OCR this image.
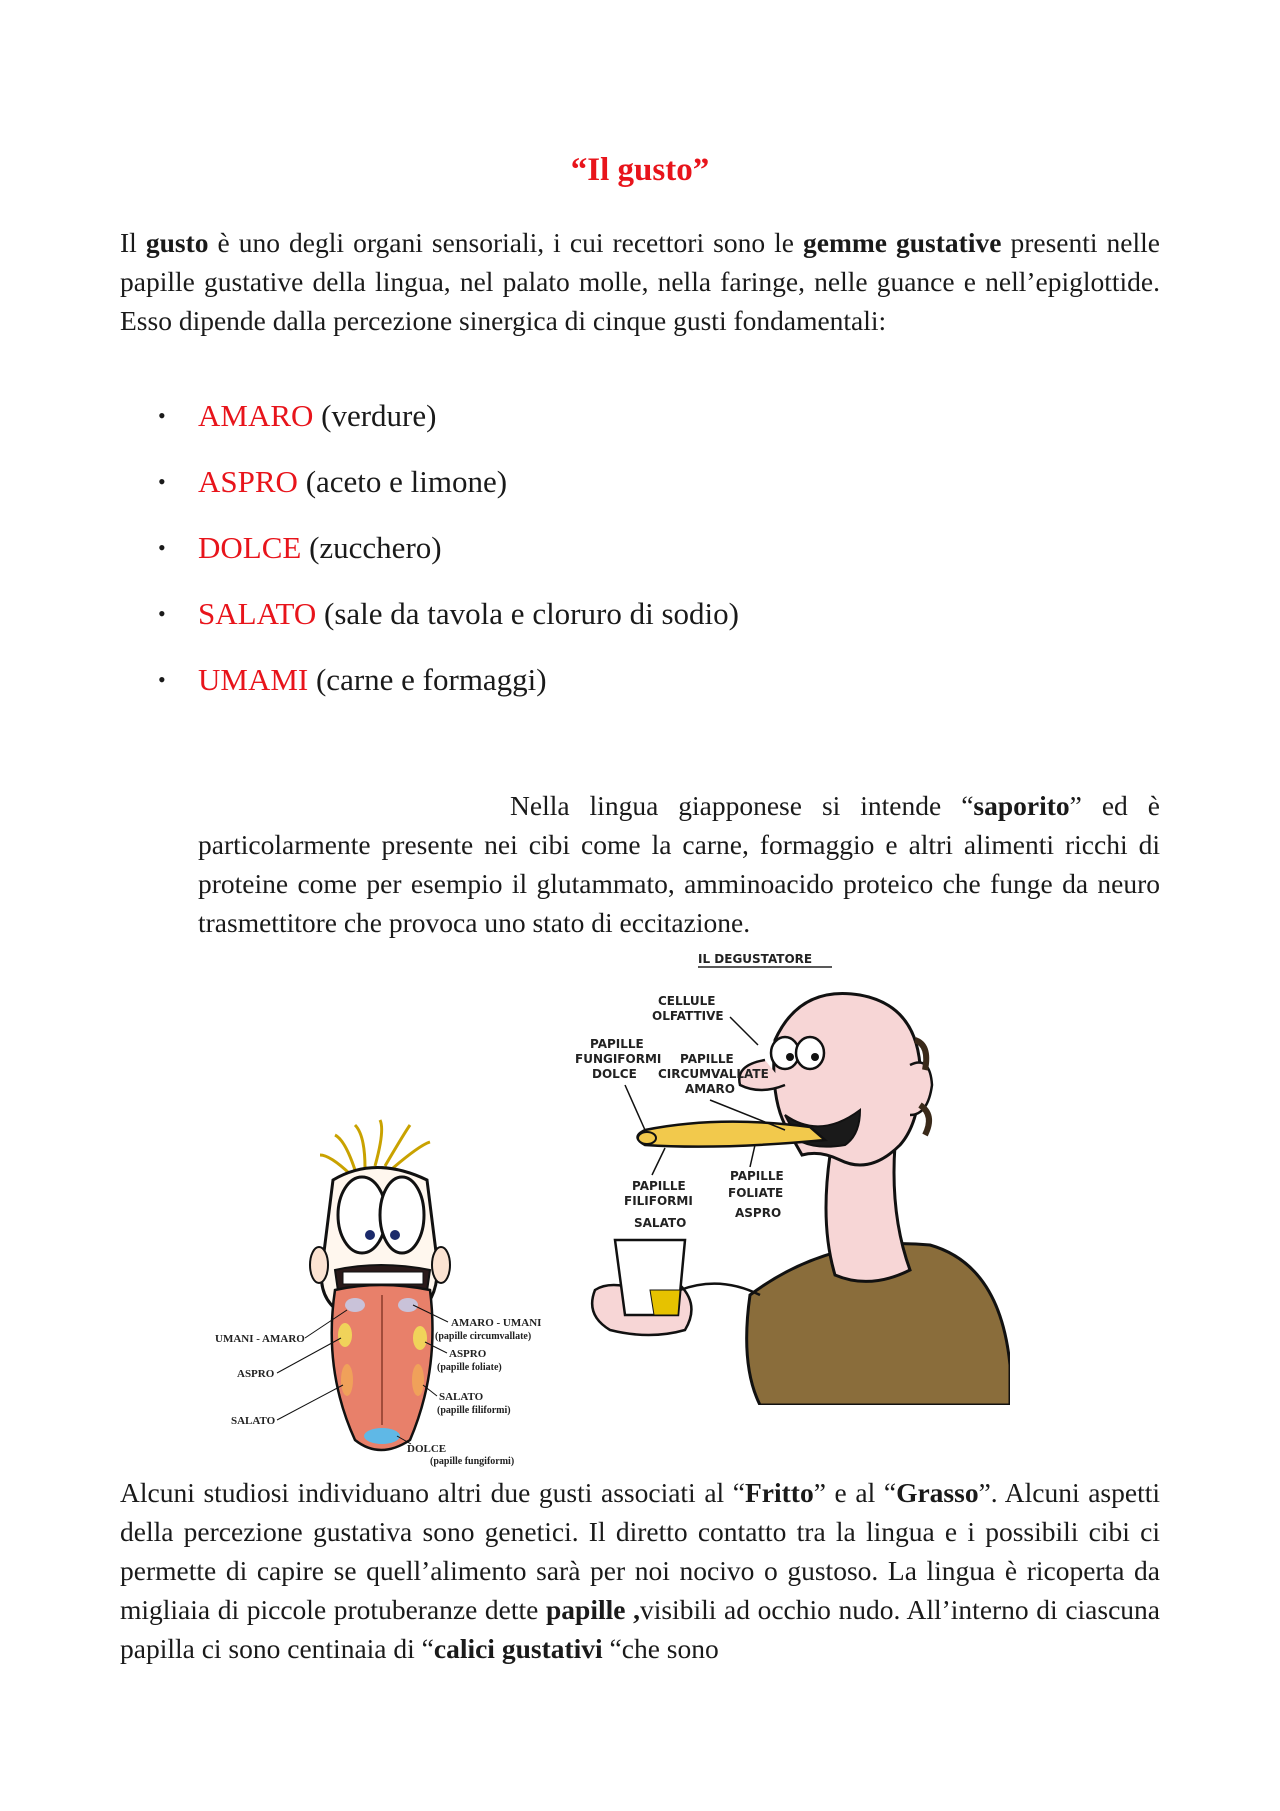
“Il gusto”

Il gusto è uno degli organi sensoriali, i cui recettori sono le gemme gustative presenti nelle papille gustative della lingua, nel palato molle, nella faringe, nelle guance e nell’epiglottide. Esso dipende dalla percezione sinergica di cinque gusti fondamentali:

• AMARO (verdure)
• ASPRO (aceto e limone)
• DOLCE (zucchero)
• SALATO (sale da tavola e cloruro di sodio)
• UMAMI (carne e formaggi)

Nella lingua giapponese si intende “saporito” ed è particolarmente presente nei cibi come la carne, formaggio e altri alimenti ricchi di proteine come per esempio il glutammato, amminoacido proteico che funge da neuro trasmettitore che provoca uno stato di eccitazione.

UMANI - AMARO
ASPRO
SALATO
AMARO - UMANI
(papille circumvallate)
ASPRO
(papille foliate)
SALATO
(papille filiformi)
DOLCE
(papille fungiformi)
IL DEGUSTATORE
CELLULE
OLFATTIVE
PAPILLE
FUNGIFORMI
DOLCE
PAPILLE
CIRCUMVALLATE
AMARO
PAPILLE
FILIFORMI
SALATO
PAPILLE
FOLIATE
ASPRO

Alcuni studiosi individuano altri due gusti associati al “Fritto” e al “Grasso”. Alcuni aspetti della percezione gustativa sono genetici. Il diretto contatto tra la lingua e i possibili cibi ci permette di capire se quell’alimento sarà per noi nocivo o gustoso. La lingua è ricoperta da migliaia di piccole protuberanze dette papille ,visibili ad occhio nudo. All’interno di ciascuna papilla ci sono centinaia di “calici gustativi “che sono
